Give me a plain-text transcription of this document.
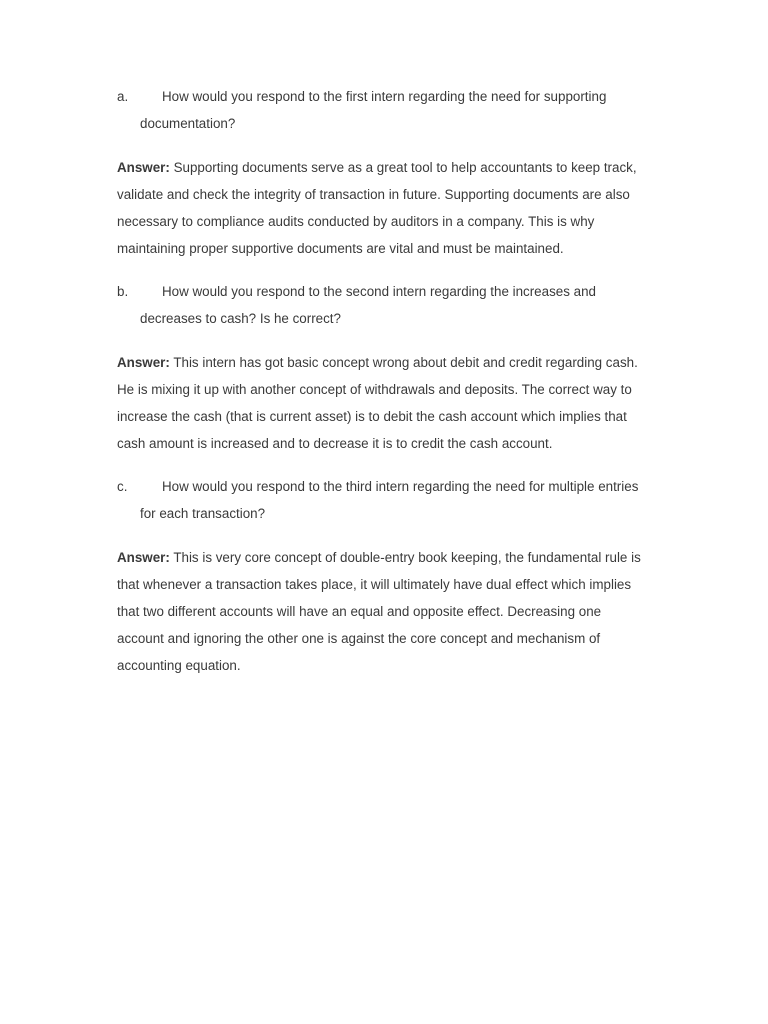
a.	How would you respond to the first intern regarding the need for supporting documentation?

Answer: Supporting documents serve as a great tool to help accountants to keep track, validate and check the integrity of transaction in future. Supporting documents are also necessary to compliance audits conducted by auditors in a company. This is why maintaining proper supportive documents are vital and must be maintained.

b.	How would you respond to the second intern regarding the increases and decreases to cash? Is he correct?

Answer: This intern has got basic concept wrong about debit and credit regarding cash. He is mixing it up with another concept of withdrawals and deposits. The correct way to increase the cash (that is current asset) is to debit the cash account which implies that cash amount is increased and to decrease it is to credit the cash account.

c.	How would you respond to the third intern regarding the need for multiple entries for each transaction?

Answer: This is very core concept of double-entry book keeping, the fundamental rule is that whenever a transaction takes place, it will ultimately have dual effect which implies that two different accounts will have an equal and opposite effect. Decreasing one account and ignoring the other one is against the core concept and mechanism of accounting equation.
